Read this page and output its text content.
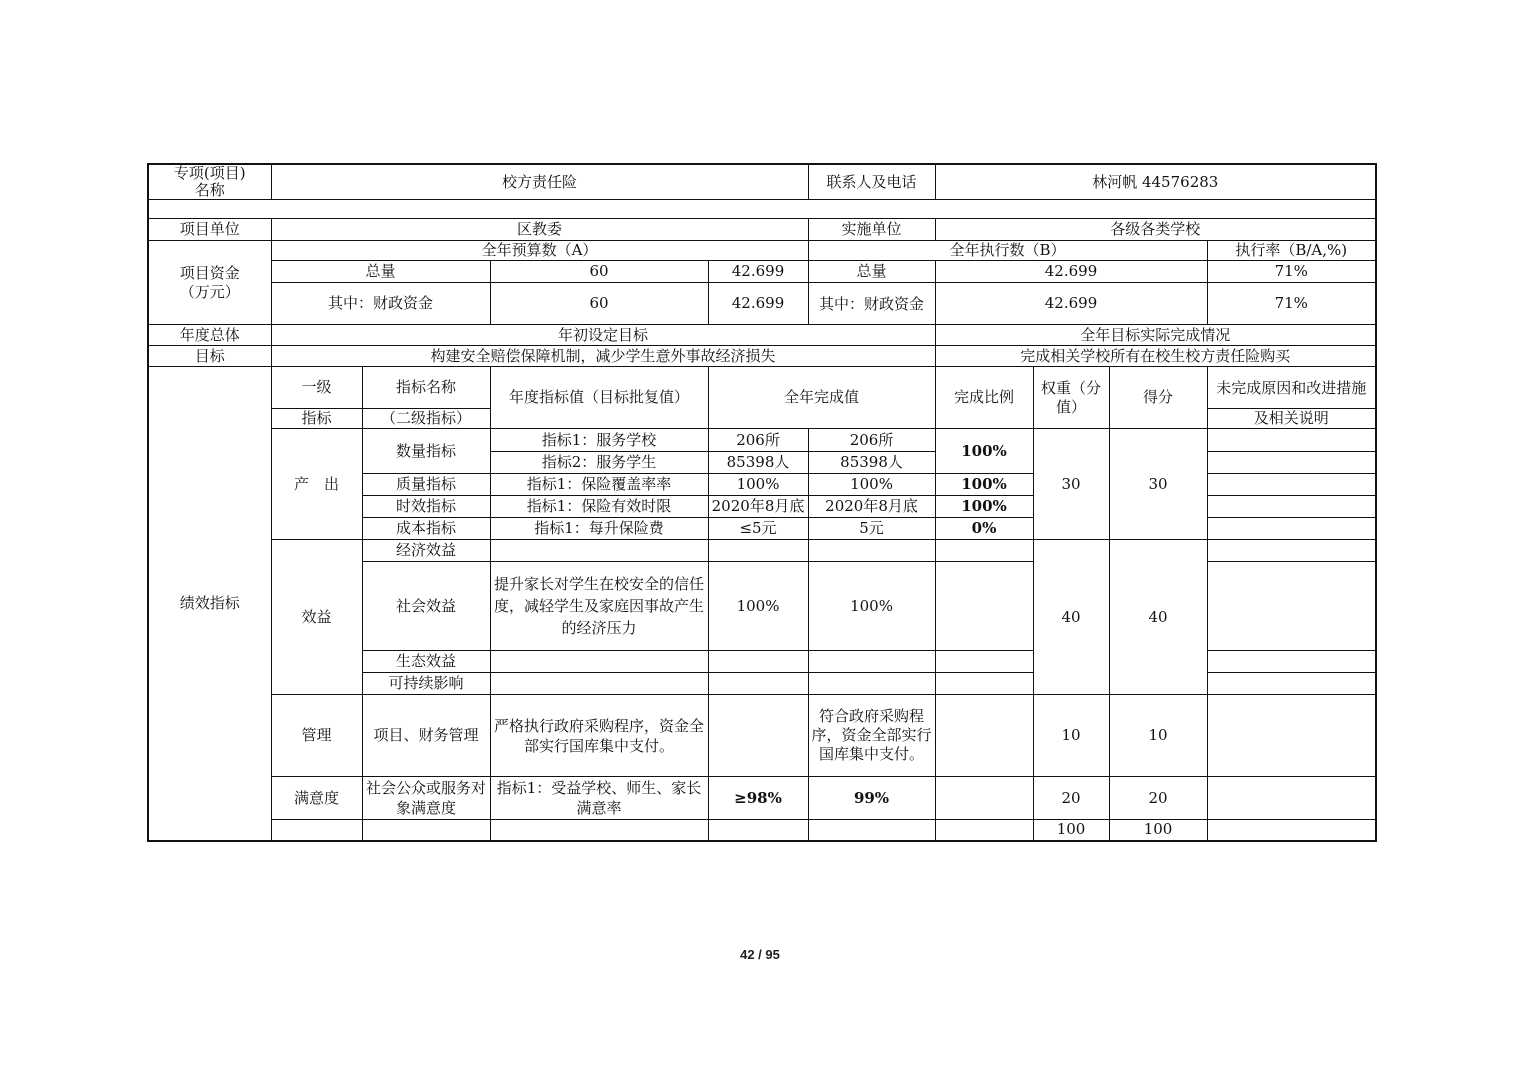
专项(项目)
名称	校方责任险				联系人及电话	林河帆 44576283			

项目单位	区教委				实施单位	各级各类学校			
项目资金
（万元）	全年预算数（A）				全年执行数（B）				执行率（B/A,%)
	总量		60	42.699	总量	42.699			71%
	其中：财政资金		60	42.699	其中：财政资金	42.699			71%

年度总体	年初设定目标					全年目标实际完成情况			
目标	构建安全赔偿保障机制，减少学生意外事故经济损失					完成相关学校所有在校生校方责任险购买			
绩效指标	一级	指标名称	年度指标值（目标批复值）	全年完成值		完成比例	权重（分值）	得分	未完成原因和改进措施
	指标	（二级指标）							及相关说明
	产　出	数量指标	指标1：服务学校	206所	206所	100%	30	30	
			指标2：服务学生	85398人	85398人				
		质量指标	指标1：保险覆盖率率	100%	100%	100%			
		时效指标	指标1：保险有效时限	2020年8月底	2020年8月底	100%			
		成本指标	指标1：每升保险费	≤5元	5元	0%			

	效益	经济效益					40	40	
		社会效益	提升家长对学生在校安全的信任度，减轻学生及家庭因事故产生的经济压力	100%	100%				
		生态效益							
		可持续影响							
	管理	项目、财务管理	严格执行政府采购程序，资金全部实行国库集中支付。		符合政府采购程序，资金全部实行国库集中支付。		10	10	
	满意度	社会公众或服务对象满意度	指标1：受益学校、师生、家长满意率	≥98%	99%		20	20	
							100	100	
42 / 95
